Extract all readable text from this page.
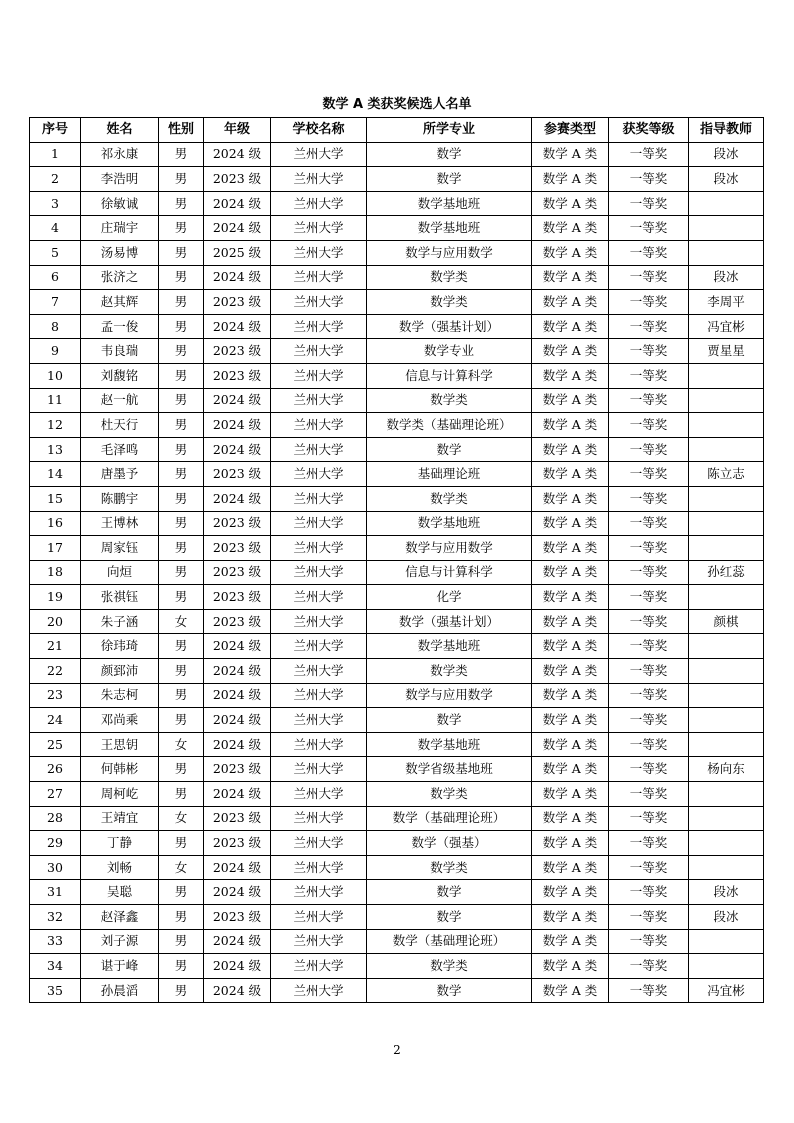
数学 A 类获奖候选人名单
序号	姓名	性别	年级	学校名称	所学专业	参赛类型	获奖等级	指导教师
1	祁永康	男	2024 级	兰州大学	数学	数学 A 类	一等奖	段冰
2	李浩明	男	2023 级	兰州大学	数学	数学 A 类	一等奖	段冰
3	徐敏诚	男	2024 级	兰州大学	数学基地班	数学 A 类	一等奖	
4	庄瑞宇	男	2024 级	兰州大学	数学基地班	数学 A 类	一等奖	
5	汤易博	男	2025 级	兰州大学	数学与应用数学	数学 A 类	一等奖	
6	张济之	男	2024 级	兰州大学	数学类	数学 A 类	一等奖	段冰
7	赵其辉	男	2023 级	兰州大学	数学类	数学 A 类	一等奖	李周平
8	孟一俊	男	2024 级	兰州大学	数学（强基计划）	数学 A 类	一等奖	冯宜彬
9	韦良瑞	男	2023 级	兰州大学	数学专业	数学 A 类	一等奖	贾星星
10	刘馥铭	男	2023 级	兰州大学	信息与计算科学	数学 A 类	一等奖	
11	赵一航	男	2024 级	兰州大学	数学类	数学 A 类	一等奖	
12	杜天行	男	2024 级	兰州大学	数学类（基础理论班）	数学 A 类	一等奖	
13	毛泽鸣	男	2024 级	兰州大学	数学	数学 A 类	一等奖	
14	唐墨予	男	2023 级	兰州大学	基础理论班	数学 A 类	一等奖	陈立志
15	陈鹏宇	男	2024 级	兰州大学	数学类	数学 A 类	一等奖	
16	王博林	男	2023 级	兰州大学	数学基地班	数学 A 类	一等奖	
17	周家钰	男	2023 级	兰州大学	数学与应用数学	数学 A 类	一等奖	
18	向烜	男	2023 级	兰州大学	信息与计算科学	数学 A 类	一等奖	孙红蕊
19	张祺钰	男	2023 级	兰州大学	化学	数学 A 类	一等奖	
20	朱子涵	女	2023 级	兰州大学	数学（强基计划）	数学 A 类	一等奖	颜棋
21	徐玮琦	男	2024 级	兰州大学	数学基地班	数学 A 类	一等奖	
22	颜郅沛	男	2024 级	兰州大学	数学类	数学 A 类	一等奖	
23	朱志柯	男	2024 级	兰州大学	数学与应用数学	数学 A 类	一等奖	
24	邓尚乘	男	2024 级	兰州大学	数学	数学 A 类	一等奖	
25	王思钥	女	2024 级	兰州大学	数学基地班	数学 A 类	一等奖	
26	何韩彬	男	2023 级	兰州大学	数学省级基地班	数学 A 类	一等奖	杨向东
27	周柯屹	男	2024 级	兰州大学	数学类	数学 A 类	一等奖	
28	王靖宜	女	2023 级	兰州大学	数学（基础理论班）	数学 A 类	一等奖	
29	丁静	男	2023 级	兰州大学	数学（强基）	数学 A 类	一等奖	
30	刘畅	女	2024 级	兰州大学	数学类	数学 A 类	一等奖	
31	吴聪	男	2024 级	兰州大学	数学	数学 A 类	一等奖	段冰
32	赵泽鑫	男	2023 级	兰州大学	数学	数学 A 类	一等奖	段冰
33	刘子源	男	2024 级	兰州大学	数学（基础理论班）	数学 A 类	一等奖	
34	谌于峰	男	2024 级	兰州大学	数学类	数学 A 类	一等奖	
35	孙晨滔	男	2024 级	兰州大学	数学	数学 A 类	一等奖	冯宜彬
2
